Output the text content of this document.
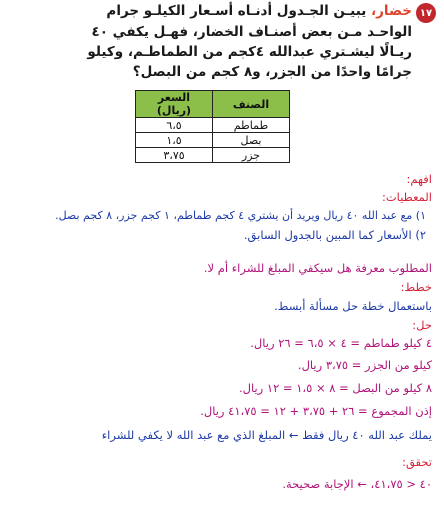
١٧
خضار، يبيـن الجـدول أدنـاه أسـعار الكيلـو جرام
الواحـد مـن بعض أصنـاف الخضار، فهـل يكفي ٤٠
ريـالًا ليشـتري عبدالله ٤كجم من الطماطـم، وكيلو
جرامًا واحدًا من الجزر، و٨ كجم من البصل؟
الصنف	السعر (ريال)
طماطم	٦،٥
بصل	١،٥
جزر	٣،٧٥
افهم:
المعطيات:
١) مع عبد الله ٤٠ ريال ويريد أن يشتري ٤ كجم طماطم، ١ كجم جزر، ٨ كجم بصل.
٢) الأسعار كما المبين بالجدول السابق.
المطلوب معرفة هل سيكفي المبلغ للشراء أم لا.
خطط:
باستعمال خطة حل مسألة أبسط.
حل:
٤ كيلو طماطم = ٤ × ٦،٥ = ٢٦ ريال.
كيلو من الجزر = ٣،٧٥ ريال.
٨ كيلو من البصل = ٨ × ١،٥ = ١٢ ريال.
إذن المجموع = ٢٦ + ٣،٧٥ + ١٢ = ٤١،٧٥ ريال.
يملك عبد الله ٤٠ ريال فقط ← المبلغ الذي مع عبد الله لا يكفي للشراء
تحقق:
٤٠ < ٤١،٧٥، ← الإجابة صحيحة.
